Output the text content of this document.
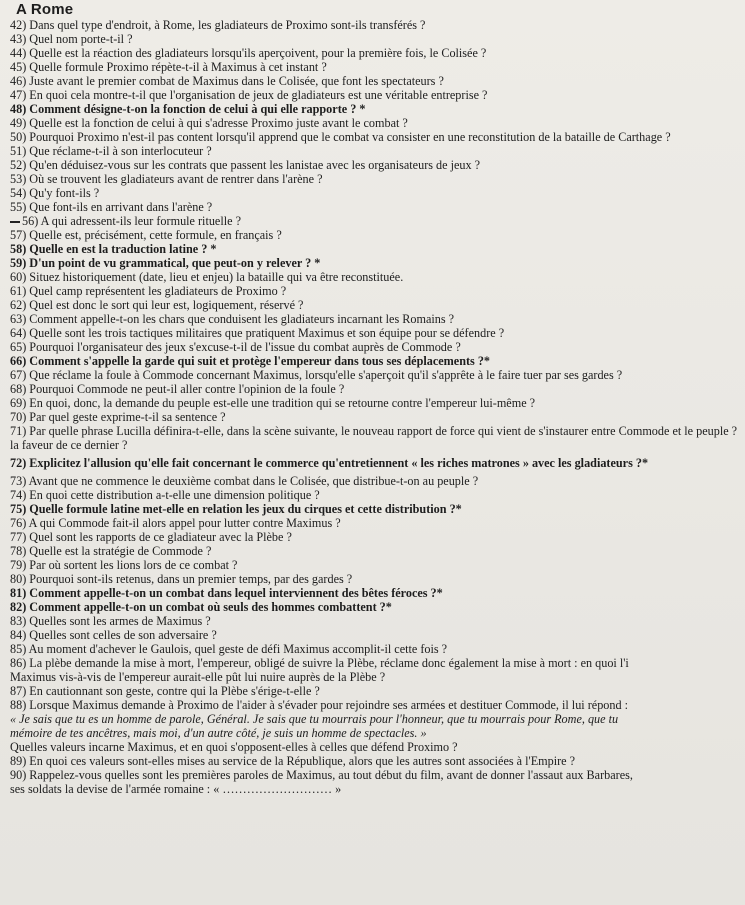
A Rome
42) Dans quel type d'endroit, à Rome, les gladiateurs de Proximo sont-ils transférés ?
43) Quel nom porte-t-il ?
44) Quelle est la réaction des gladiateurs lorsqu'ils aperçoivent, pour la première fois, le Colisée ?
45) Quelle formule Proximo répète-t-il à Maximus à cet instant ?
46) Juste avant le premier combat de Maximus dans le Colisée, que font les spectateurs ?
47) En quoi cela montre-t-il que l'organisation de jeux de gladiateurs est une véritable entreprise ?
48) Comment désigne-t-on la fonction de celui à qui elle rapporte ? *
49) Quelle est la fonction de celui à qui s'adresse Proximo juste avant le combat ?
50) Pourquoi Proximo n'est-il pas content lorsqu'il apprend que le combat va consister en une reconstitution de la bataille de Carthage ?
51) Que réclame-t-il à son interlocuteur ?
52) Qu'en déduisez-vous sur les contrats que passent les lanistae avec les organisateurs de jeux ?
53) Où se trouvent les gladiateurs avant de rentrer dans l'arène ?
54) Qu'y font-ils ?
55) Que font-ils en arrivant dans l'arène ?
56) A qui adressent-ils leur formule rituelle ?
57) Quelle est, précisément, cette formule, en français ?
58) Quelle en est la traduction latine ? *
59) D'un point de vu grammatical, que peut-on y relever ? *
60) Situez historiquement (date, lieu et enjeu) la bataille qui va être reconstituée.
61) Quel camp représentent les gladiateurs de Proximo ?
62) Quel est donc le sort qui leur est, logiquement, réservé ?
63) Comment appelle-t-on les chars que conduisent les gladiateurs incarnant les Romains ?
64) Quelle sont les trois tactiques militaires que pratiquent Maximus et son équipe pour se défendre ?
65) Pourquoi l'organisateur des jeux s'excuse-t-il de l'issue du combat auprès de Commode ?
66) Comment s'appelle la garde qui suit et protège l'empereur dans tous ses déplacements ?*
67) Que réclame la foule à Commode concernant Maximus, lorsqu'elle s'aperçoit qu'il s'apprête à le faire tuer par ses gardes ?
68) Pourquoi Commode ne peut-il aller contre l'opinion de la foule ?
69) En quoi, donc, la demande du peuple est-elle une tradition qui se retourne contre l'empereur lui-même ?
70) Par quel geste exprime-t-il sa sentence ?
71) Par quelle phrase Lucilla définira-t-elle, dans la scène suivante, le nouveau rapport de force qui vient de s'instaurer entre Commode et le peuple ?
la faveur de ce dernier ?
72) Explicitez l'allusion qu'elle fait concernant le commerce qu'entretiennent « les riches matrones » avec les gladiateurs ?*
73) Avant que ne commence le deuxième combat dans le Colisée, que distribue-t-on au peuple ?
74) En quoi cette distribution a-t-elle une dimension politique ?
75) Quelle formule latine met-elle en relation les jeux du cirques et cette distribution ?*
76) A qui Commode fait-il alors appel pour lutter contre Maximus ?
77) Quel sont les rapports de ce gladiateur avec la Plèbe ?
78) Quelle est la stratégie de Commode ?
79) Par où sortent les lions lors de ce combat ?
80) Pourquoi sont-ils retenus, dans un premier temps, par des gardes ?
81) Comment appelle-t-on un combat dans lequel interviennent des bêtes féroces ?*
82) Comment appelle-t-on un combat où seuls des hommes combattent ?*
83) Quelles sont les armes de Maximus ?
84) Quelles sont celles de son adversaire ?
85) Au moment d'achever le Gaulois, quel geste de défi Maximus accomplit-il cette fois ?
86) La plèbe demande la mise à mort, l'empereur, obligé de suivre la Plèbe, réclame donc également la mise à mort : en quoi l'i
Maximus vis-à-vis de l'empereur aurait-elle pût lui nuire auprès de la Plèbe ?
87) En cautionnant son geste, contre qui la Plèbe s'érige-t-elle ?
88) Lorsque Maximus demande à Proximo de l'aider à s'évader pour rejoindre ses armées et destituer Commode, il lui répond :
« Je sais que tu es un homme de parole, Général. Je sais que tu mourrais pour l'honneur, que tu mourrais pour Rome, que tu
mémoire de tes ancêtres, mais moi, d'un autre côté, je suis un homme de spectacles. »
Quelles valeurs incarne Maximus, et en quoi s'opposent-elles à celles que défend Proximo ?
89) En quoi ces valeurs sont-elles mises au service de la République, alors que les autres sont associées à l'Empire ?
90) Rappelez-vous quelles sont les premières paroles de Maximus, au tout début du film, avant de donner l'assaut aux Barbares,
ses soldats la devise de l'armée romaine : « ……………………… »
